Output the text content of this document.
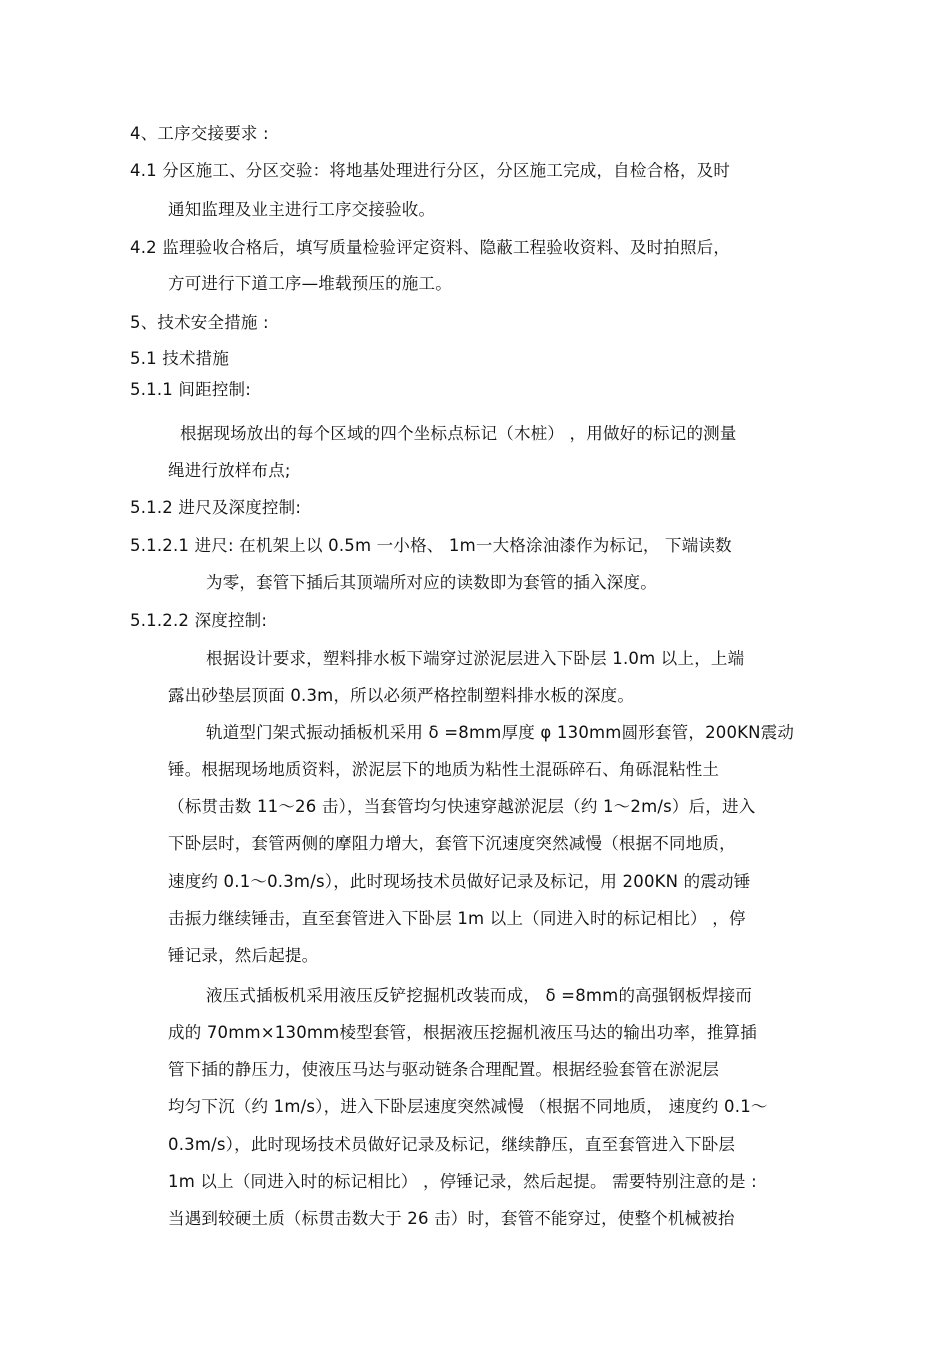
4、工序交接要求 :
4.1 分区施工、分区交验：将地基处理进行分区，分区施工完成，自检合格，及时
通知监理及业主进行工序交接验收。
4.2 监理验收合格后，填写质量检验评定资料、隐蔽工程验收资料、及时拍照后，
方可进行下道工序—堆载预压的施工。
5、技术安全措施 :
5.1 技术措施
5.1.1 间距控制:
根据现场放出的每个区域的四个坐标点标记（木桩） ，用做好的标记的测量
绳进行放样布点;
5.1.2 进尺及深度控制:
5.1.2.1 进尺: 在机架上以 0.5m 一小格、 1m一大格涂油漆作为标记， 下端读数
为零，套管下插后其顶端所对应的读数即为套管的插入深度。
5.1.2.2 深度控制:
根据设计要求，塑料排水板下端穿过淤泥层进入下卧层 1.0m 以上，上端
露出砂垫层顶面 0.3m，所以必须严格控制塑料排水板的深度。
轨道型门架式振动插板机采用 δ =8mm厚度 φ 130mm圆形套管，200KN震动
锤。根据现场地质资料，淤泥层下的地质为粘性土混砾碎石、角砾混粘性土
（标贯击数 11～26 击），当套管均匀快速穿越淤泥层（约 1～2m/s）后，进入
下卧层时，套管两侧的摩阻力增大，套管下沉速度突然减慢（根据不同地质，
速度约 0.1～0.3m/s），此时现场技术员做好记录及标记，用 200KN 的震动锤
击振力继续锤击，直至套管进入下卧层 1m 以上（同进入时的标记相比） ，停
锤记录，然后起提。
液压式插板机采用液压反铲挖掘机改装而成， δ =8mm的高强钢板焊接而
成的 70mm×130mm棱型套管，根据液压挖掘机液压马达的输出功率，推算插
管下插的静压力，使液压马达与驱动链条合理配置。根据经验套管在淤泥层
均匀下沉（约 1m/s），进入下卧层速度突然减慢 （根据不同地质， 速度约 0.1～
0.3m/s），此时现场技术员做好记录及标记，继续静压，直至套管进入下卧层
1m 以上（同进入时的标记相比） ，停锤记录，然后起提。 需要特别注意的是 :
当遇到较硬土质（标贯击数大于 26 击）时，套管不能穿过，使整个机械被抬
